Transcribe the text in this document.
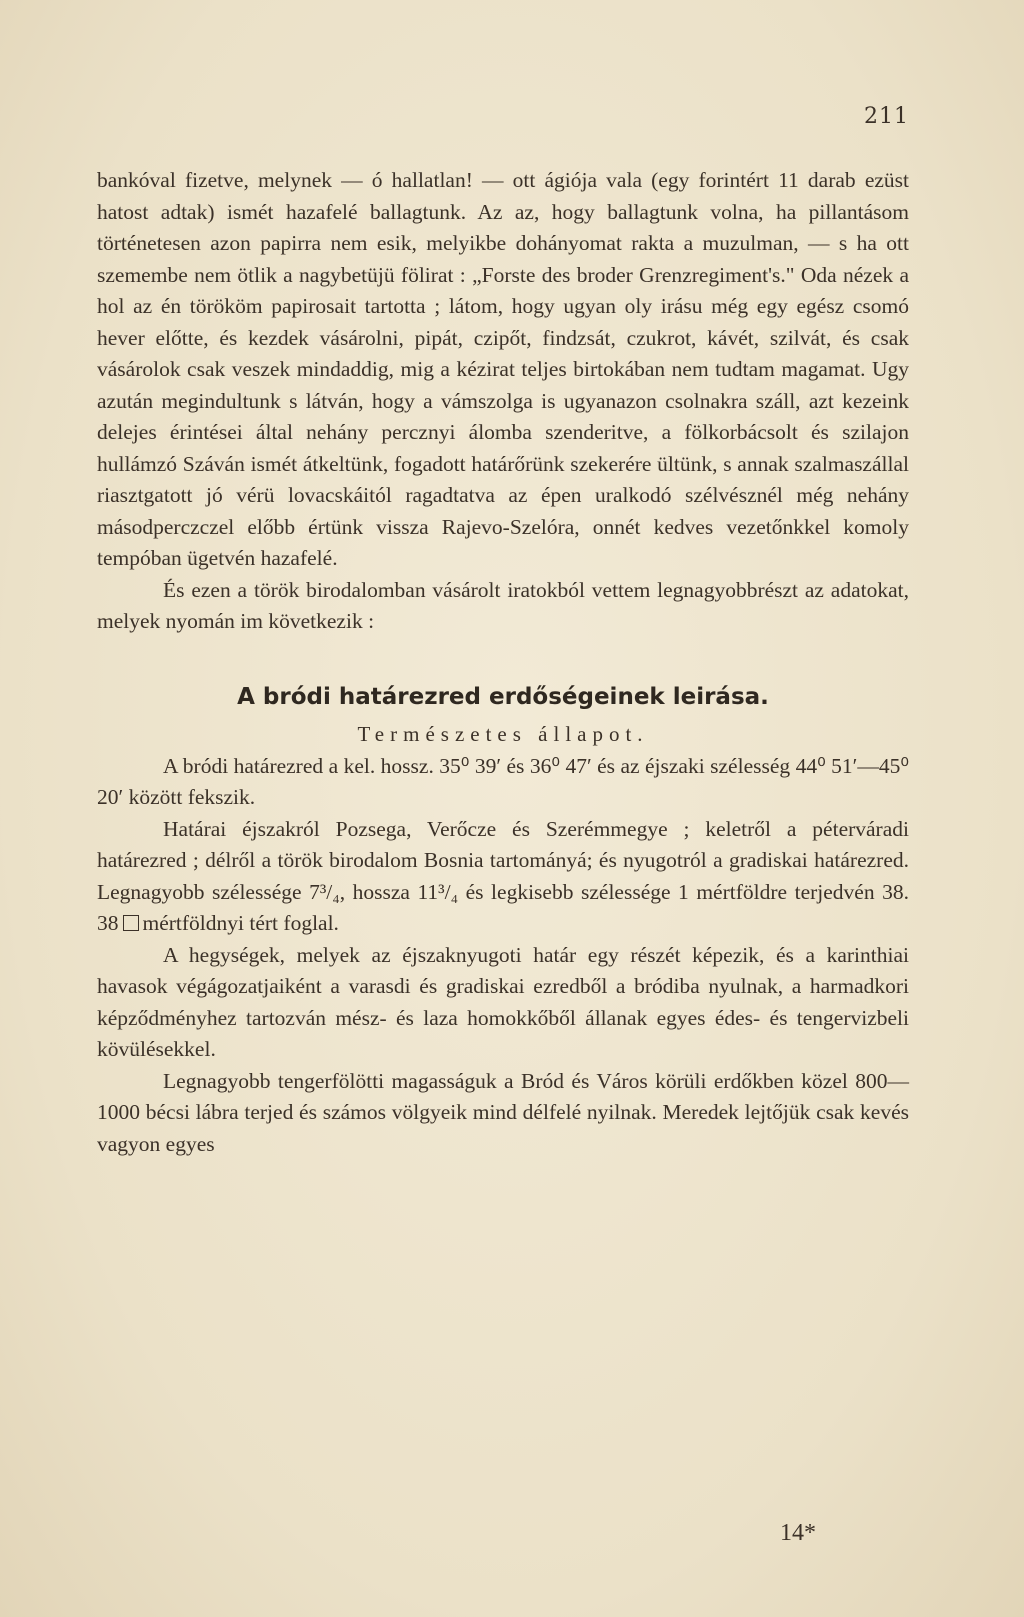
211

bankóval fizetve, melynek — ó hallatlan! — ott ágiója vala (egy forintért 11 darab ezüst hatost adtak) ismét hazafelé ballagtunk. Az az, hogy ballagtunk volna, ha pillantásom történetesen azon papirra nem esik, melyikbe dohányomat rakta a muzulman, — s ha ott szemembe nem ötlik a nagybetüjü fölirat : „Forste des broder Grenzregiment's." Oda nézek a hol az én törököm papirosait tartotta ; látom, hogy ugyan oly irásu még egy egész csomó hever előtte, és kezdek vásárolni, pipát, czipőt, findzsát, czukrot, kávét, szilvát, és csak vásárolok csak veszek mindaddig, mig a kézirat teljes birtokában nem tudtam magamat. Ugy azután megindultunk s látván, hogy a vámszolga is ugyanazon csolnakra száll, azt kezeink delejes érintései által nehány percznyi álomba szenderitve, a fölkorbácsolt és szilajon hullámzó Száván ismét átkeltünk, fogadott határőrünk szekerére ültünk, s annak szalmaszállal riasztgatott jó vérü lovacskáitól ragadtatva az épen uralkodó szélvésznél még nehány másodperczczel előbb értünk vissza Rajevo-Szelóra, onnét kedves vezetőnkkel komoly tempóban ügetvén hazafelé.

És ezen a török birodalomban vásárolt iratokból vettem legnagyobbrészt az adatokat, melyek nyomán im következik :

A bródi határezred erdőségeinek leirása.
Természetes állapot.

A bródi határezred a kel. hossz. 35⁰ 39′ és 36⁰ 47′ és az éjszaki szélesség 44⁰ 51′—45⁰ 20′ között fekszik.

Határai éjszakról Pozsega, Verőcze és Szerémmegye ; keletről a péterváradi határezred ; délről a török birodalom Bosnia tartományá; és nyugotról a gradiskai határezred. Legnagyobb szélessége 7³/₄, hossza 11³/₄ és legkisebb szélessége 1 mértföldre terjedvén 38. 38 mértföldnyi tért foglal.

A hegységek, melyek az éjszaknyugoti határ egy részét képezik, és a karinthiai havasok végágozatjaiként a varasdi és gradiskai ezredből a bródiba nyulnak, a harmadkori képződményhez tartozván mész- és laza homokkőből állanak egyes édes- és tengervizbeli kövülésekkel.

Legnagyobb tengerfölötti magasságuk a Bród és Város körüli erdőkben közel 800—1000 bécsi lábra terjed és számos völgyeik mind délfelé nyilnak. Meredek lejtőjük csak kevés vagyon egyes

14*
